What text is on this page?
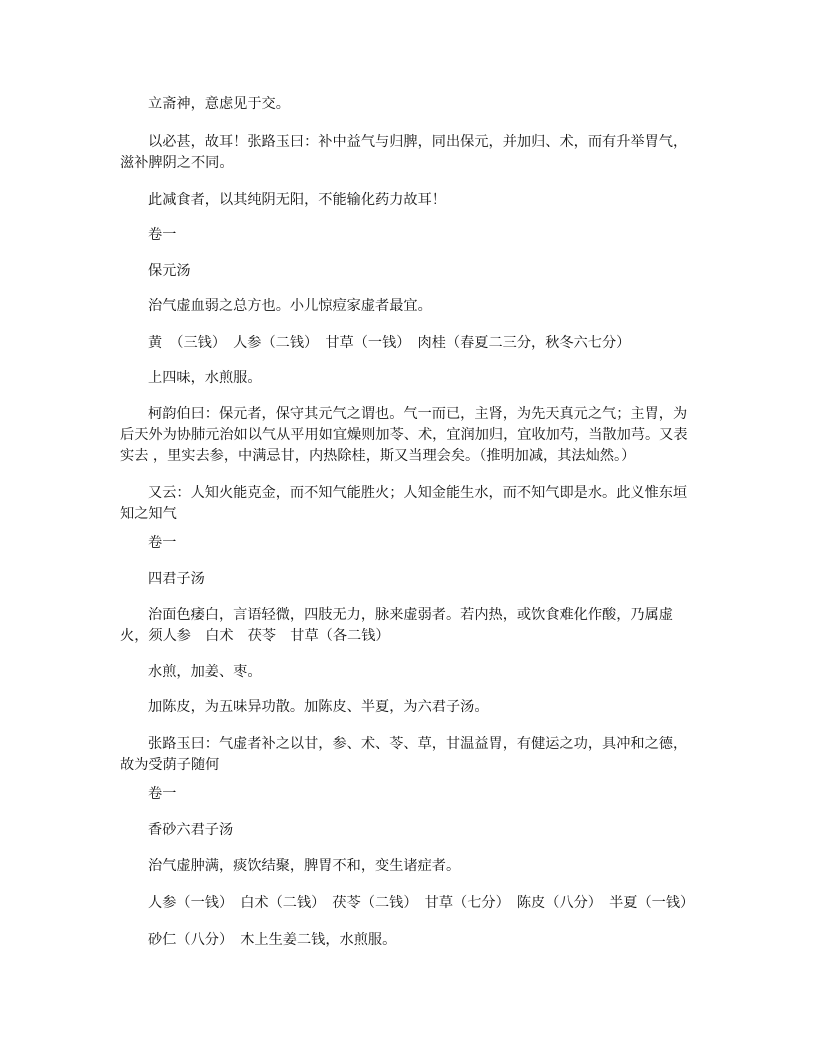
立斋神，意虑见于交。

以必甚，故耳！张路玉曰：补中益气与归脾，同出保元，并加归、术，而有升举胃气，滋补脾阴之不同。

此减食者，以其纯阴无阳，不能输化药力故耳！

卷一

保元汤

治气虚血弱之总方也。小儿惊痘家虚者最宜。

黄　（三钱）　人参（二钱）　甘草（一钱）　肉桂（春夏二三分，秋冬六七分）

上四味，水煎服。

柯韵伯曰：保元者，保守其元气之谓也。气一而已，主肾，为先天真元之气；主胃，为后天外为协肺元治如以气从平用如宜燥则加苓、术，宜润加归，宜收加芍，当散加芎。又表实去 ，里实去参，中满忌甘，内热除桂，斯又当理会矣。（推明加减，其法灿然。）

又云：人知火能克金，而不知气能胜火；人知金能生水，而不知气即是水。此义惟东垣知之知气

卷一

四君子汤

治面色痿白，言语轻微，四肢无力，脉来虚弱者。若内热，或饮食难化作酸，乃属虚火，须人参　白术　茯苓　甘草（各二钱）

水煎，加姜、枣。

加陈皮，为五味异功散。加陈皮、半夏，为六君子汤。

张路玉曰：气虚者补之以甘，参、术、苓、草，甘温益胃，有健运之功，具冲和之德，故为受荫子随何

卷一

香砂六君子汤

治气虚肿满，痰饮结聚，脾胃不和，变生诸症者。

人参（一钱）　白术（二钱）　茯苓（二钱）　甘草（七分）　陈皮（八分）　半夏（一钱）

砂仁（八分）　木上生姜二钱，水煎服。
